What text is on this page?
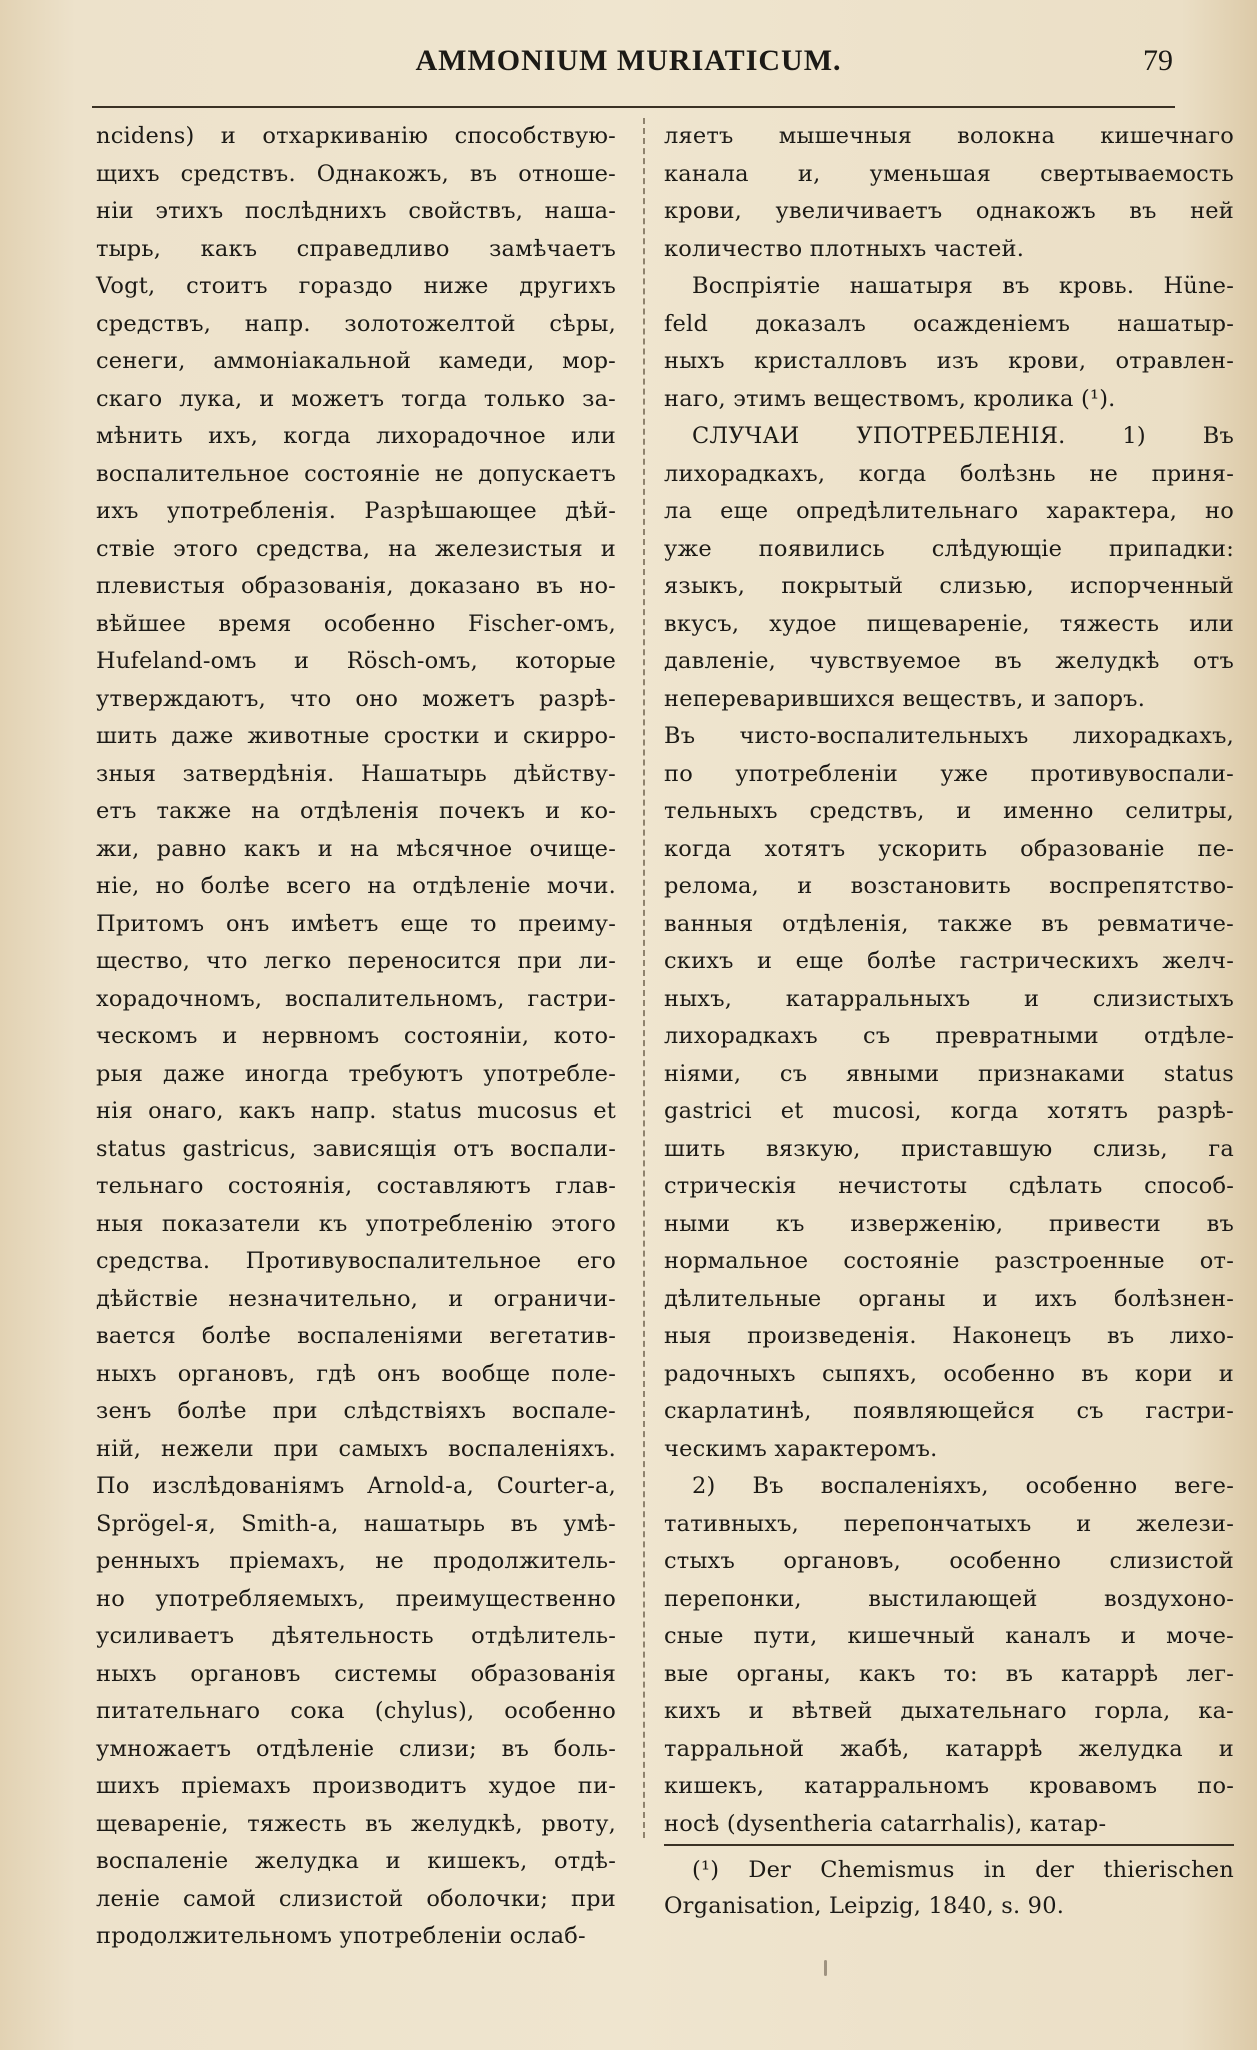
AMMONIUM MURIATICUM.	79
ncidens) и отхаркиванію способствую-
щихъ средствъ. Однакожъ, въ отноше-
ніи этихъ послѣднихъ свойствъ, наша-
тырь, какъ справедливо замѣчаетъ
Vogt, стоитъ гораздо ниже другихъ
средствъ, напр. золотожелтой сѣры,
сенеги, аммоніакальной камеди, мор-
скаго лука, и можетъ тогда только за-
мѣнить ихъ, когда лихорадочное или
воспалительное состояніе не допускаетъ
ихъ употребленія. Разрѣшающее дѣй-
ствіе этого средства, на железистыя и
плевистыя образованія, доказано въ но-
вѣйшее время особенно Fischer-омъ,
Hufeland-омъ и Rösch-омъ, которые
утверждаютъ, что оно можетъ разрѣ-
шить даже животные сростки и скирро-
зныя затвердѣнія. Нашатырь дѣйству-
етъ также на отдѣленія почекъ и ко-
жи, равно какъ и на мѣсячное очище-
ніе, но болѣе всего на отдѣленіе мочи.
Притомъ онъ имѣетъ еще то преиму-
щество, что легко переносится при ли-
хорадочномъ, воспалительномъ, гастри-
ческомъ и нервномъ состояніи, кото-
рыя даже иногда требуютъ употребле-
нія онаго, какъ напр. status mucosus et
status gastricus, зависящія отъ воспали-
тельнаго состоянія, составляютъ глав-
ныя показатели къ употребленію этого
средства. Противувоспалительное его
дѣйствіе незначительно, и ограничи-
вается болѣе воспаленіями вегетатив-
ныхъ органовъ, гдѣ онъ вообще поле-
зенъ болѣе при слѣдствіяхъ воспале-
ній, нежели при самыхъ воспаленіяхъ.
По изслѣдованіямъ Arnold-а, Courter-а,
Sprögel-я, Smith-а, нашатырь въ умѣ-
ренныхъ пріемахъ, не продолжитель-
но употребляемыхъ, преимущественно
усиливаетъ дѣятельность отдѣлитель-
ныхъ органовъ системы образованія
питательнаго сока (chylus), особенно
умножаетъ отдѣленіе слизи; въ боль-
шихъ пріемахъ производитъ худое пи-
щевареніе, тяжесть въ желудкѣ, рвоту,
воспаленіе желудка и кишекъ, отдѣ-
леніе самой слизистой оболочки; при
продолжительномъ употребленіи ослаб-
ляетъ мышечныя волокна кишечнаго
канала и, уменьшая свертываемость
крови, увеличиваетъ однакожъ въ ней
количество плотныхъ частей.
Воспріятіе нашатыря въ кровь. Hüne-
feld доказалъ осажденіемъ нашатыр-
ныхъ кристалловъ изъ крови, отравлен-
наго, этимъ веществомъ, кролика (¹).
СЛУЧАИ УПОТРЕБЛЕНІЯ. 1) Въ
лихорадкахъ, когда болѣзнь не приня-
ла еще опредѣлительнаго характера, но
уже появились слѣдующіе припадки:
языкъ, покрытый слизью, испорченный
вкусъ, худое пищевареніе, тяжесть или
давленіе, чувствуемое въ желудкѣ отъ
непереварившихся веществъ, и запоръ.
Въ чисто-воспалительныхъ лихорадкахъ,
по употребленіи уже противувоспали-
тельныхъ средствъ, и именно селитры,
когда хотятъ ускорить образованіе пе-
релома, и возстановить воспрепятство-
ванныя отдѣленія, также въ ревматиче-
скихъ и еще болѣе гастрическихъ желч-
ныхъ, катарральныхъ и слизистыхъ
лихорадкахъ съ превратными отдѣле-
ніями, съ явными признаками status
gastrici et mucosi, когда хотятъ разрѣ-
шить вязкую, приставшую слизь, га
стрическія нечистоты сдѣлать способ-
ными къ изверженію, привести въ
нормальное состояніе разстроенные от-
дѣлительные органы и ихъ болѣзнен-
ныя произведенія. Наконецъ въ лихо-
радочныхъ сыпяхъ, особенно въ кори и
скарлатинѣ, появляющейся съ гастри-
ческимъ характеромъ.
2) Въ воспаленіяхъ, особенно веге-
тативныхъ, перепончатыхъ и желези-
стыхъ органовъ, особенно слизистой
перепонки, выстилающей воздухоно-
сные пути, кишечный каналъ и моче-
вые органы, какъ то: въ катаррѣ лег-
кихъ и вѣтвей дыхательнаго горла, ка-
тарральной жабѣ, катаррѣ желудка и
кишекъ, катарральномъ кровавомъ по-
носѣ (dysentheria catarrhalis), катар-
(¹) Der Chemismus in der thierischen
Organisation, Leipzig, 1840, s. 90.
